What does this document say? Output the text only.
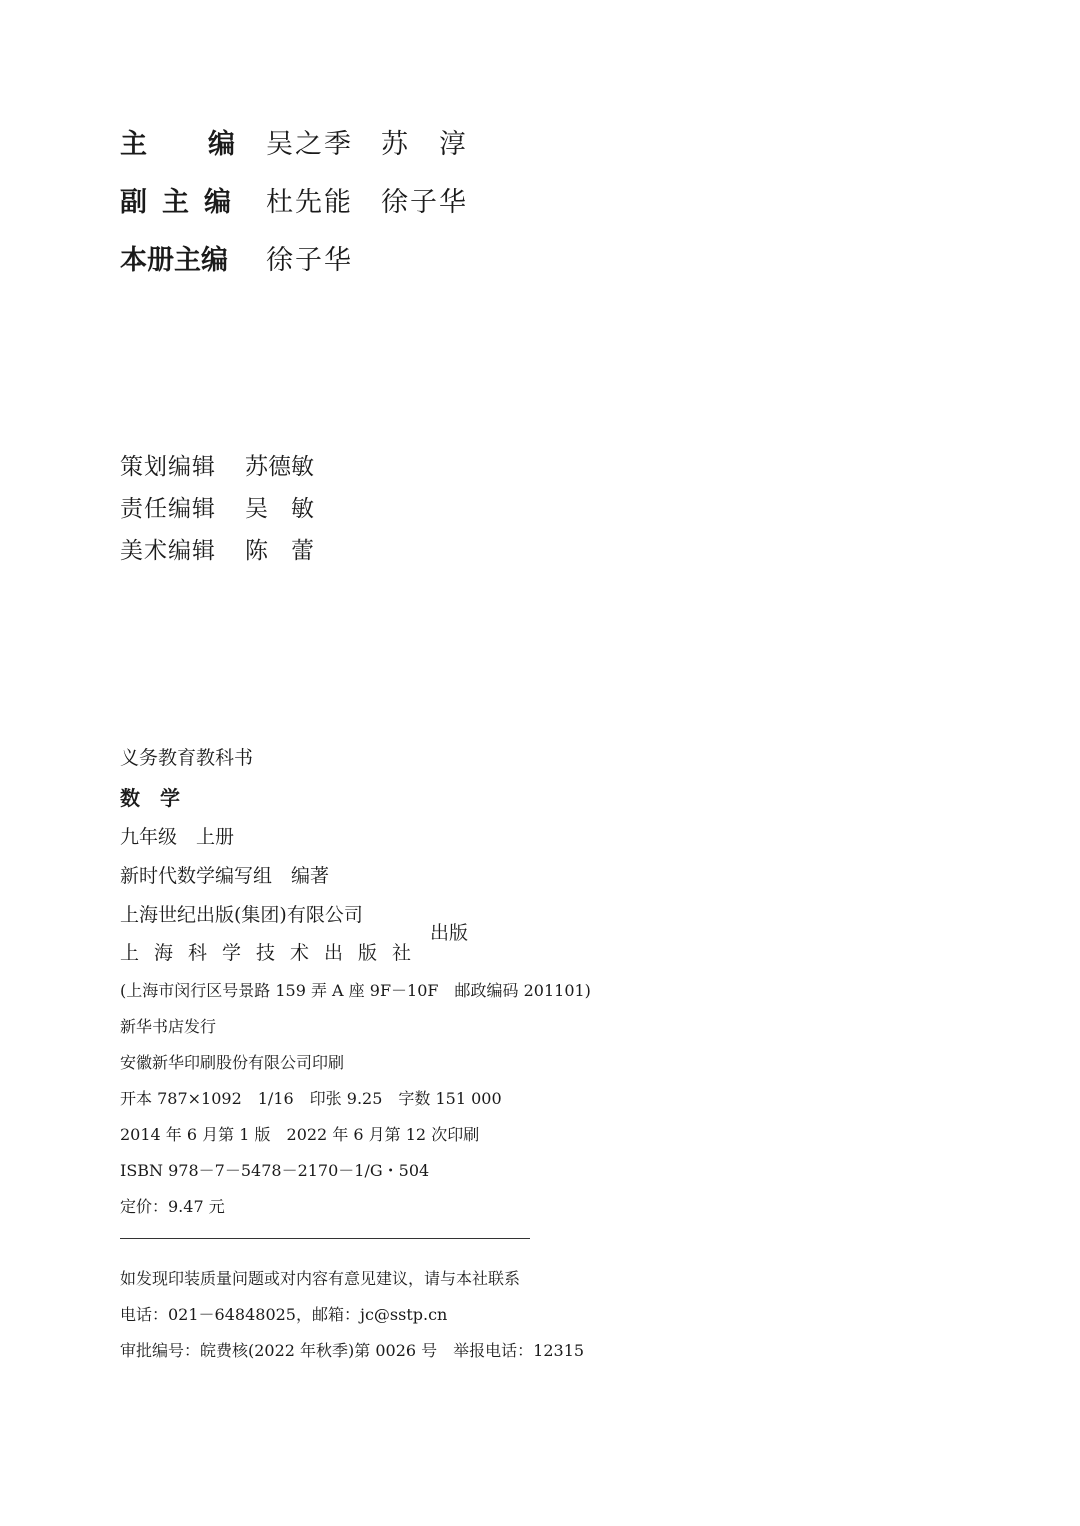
主 编 吴之季 苏　淳
副 主 编 杜先能 徐子华
本册主编 徐子华
策划编辑 苏德敏
责任编辑 吴　敏
美术编辑 陈　蕾
义务教育教科书
数　学
九年级　上册
新时代数学编写组　编著
上海世纪出版(集团)有限公司
上海科学技术出版社
出版
(上海市闵行区号景路 159 弄 A 座 9F－10F　邮政编码 201101)
新华书店发行
安徽新华印刷股份有限公司印刷
开本 787×1092　1/16　印张 9.25　字数 151 000
2014 年 6 月第 1 版　2022 年 6 月第 12 次印刷
ISBN 978－7－5478－2170－1/G・504
定价：9.47 元
如发现印装质量问题或对内容有意见建议，请与本社联系
电话：021－64848025，邮箱：jc@sstp.cn
审批编号：皖费核(2022 年秋季)第 0026 号　举报电话：12315
